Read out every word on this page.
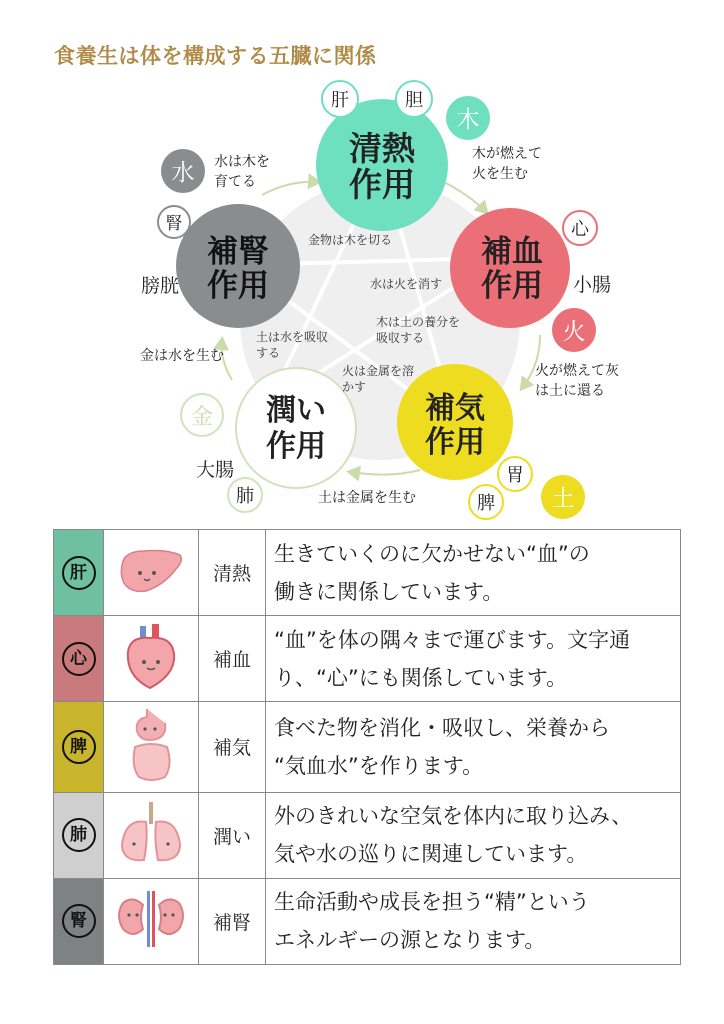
食養生は体を構成する五臓に関係
清熱
作用
補血
作用
補気
作用
潤い
作用
補腎
作用
木
火
土
金
水
肝	胆
心
小腸
胃
脾
大腸
肺
腎
膀胱
木が燃えて
火を生む
火が燃えて灰
は土に還る
土は金属を生む
金は水を生む
水は木を
育てる
金物は木を切る
水は火を消す
木は土の養分を
吸収する
土は水を吸収
する
火は金属を溶
かす
肝		清熱	生きていくのに欠かせない“血”の
働きに関係しています。

心		補血	“血”を体の隅々まで運びます。文字通
り、“心”にも関係しています。

脾		補気	食べた物を消化・吸収し、栄養から
“気血水”を作ります。

肺		潤い	外のきれいな空気を体内に取り込み、
気や水の巡りに関連しています。

腎		補腎	生命活動や成長を担う“精”という
エネルギーの源となります。
